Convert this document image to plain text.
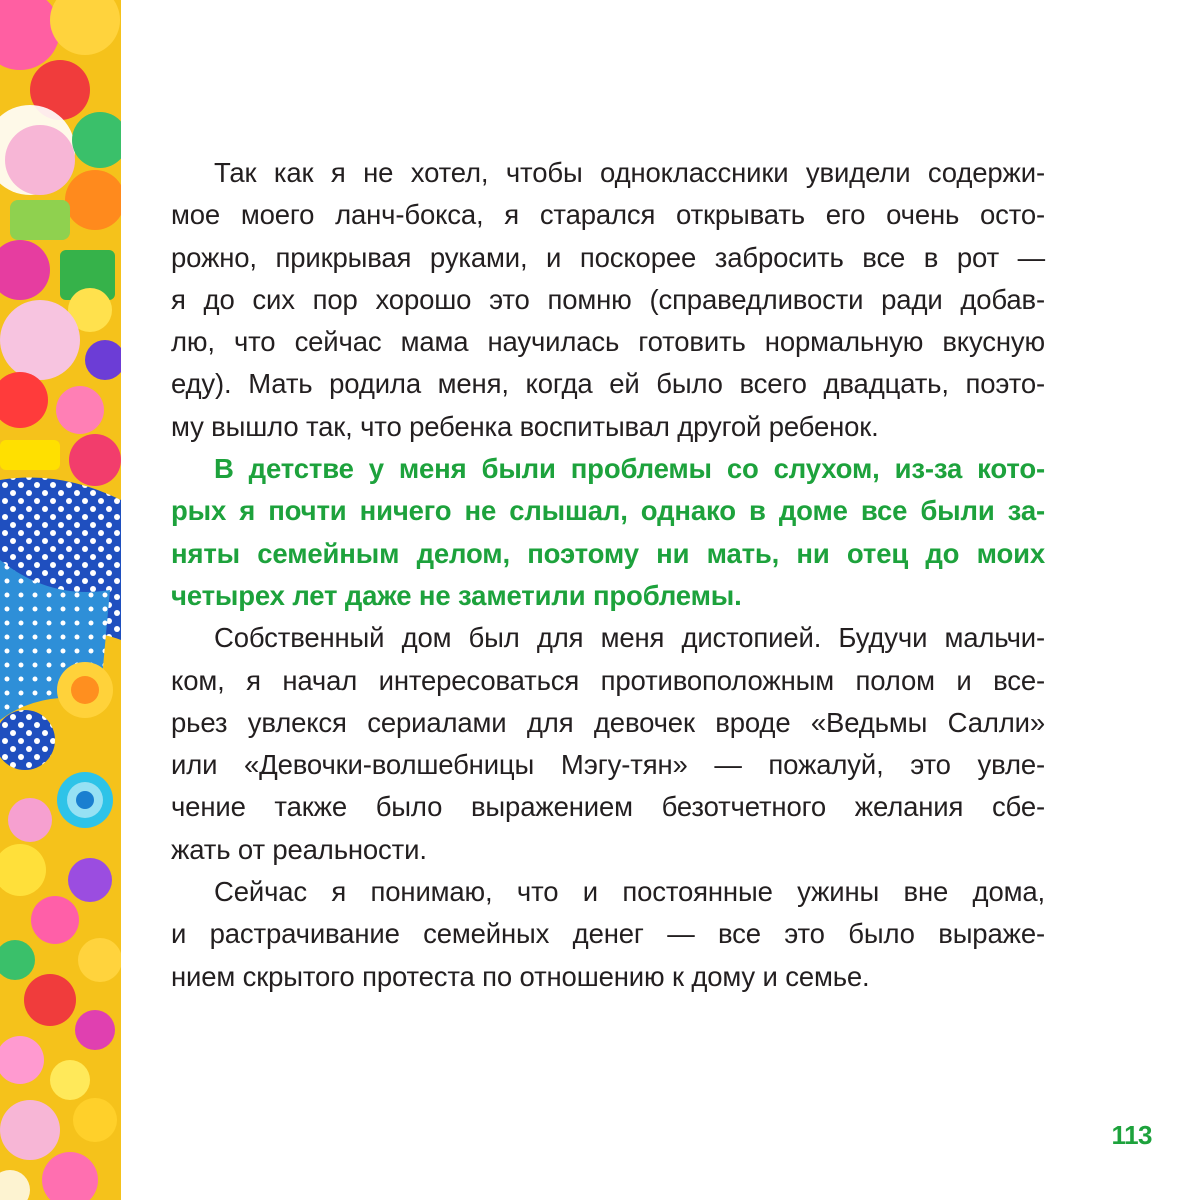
Так как я не хотел, чтобы одноклассники увидели содержи-
мое моего ланч-бокса, я старался открывать его очень осто-
рожно, прикрывая руками, и поскорее забросить все в рот —
я до сих пор хорошо это помню (справедливости ради добав-
лю, что сейчас мама научилась готовить нормальную вкусную
еду). Мать родила меня, когда ей было всего двадцать, поэто-
му вышло так, что ребенка воспитывал другой ребенок.

В детстве у меня были проблемы со слухом, из-за кото-
рых я почти ничего не слышал, однако в доме все были за-
няты семейным делом, поэтому ни мать, ни отец до моих
четырех лет даже не заметили проблемы.

Собственный дом был для меня дистопией. Будучи мальчи-
ком, я начал интересоваться противоположным полом и все-
рьез увлекся сериалами для девочек вроде «Ведьмы Салли»
или «Девочки-волшебницы Мэгу-тян» — пожалуй, это увле-
чение также было выражением безотчетного желания сбе-
жать от реальности.

Сейчас я понимаю, что и постоянные ужины вне дома,
и растрачивание семейных денег — все это было выраже-
нием скрытого протеста по отношению к дому и семье.

113
